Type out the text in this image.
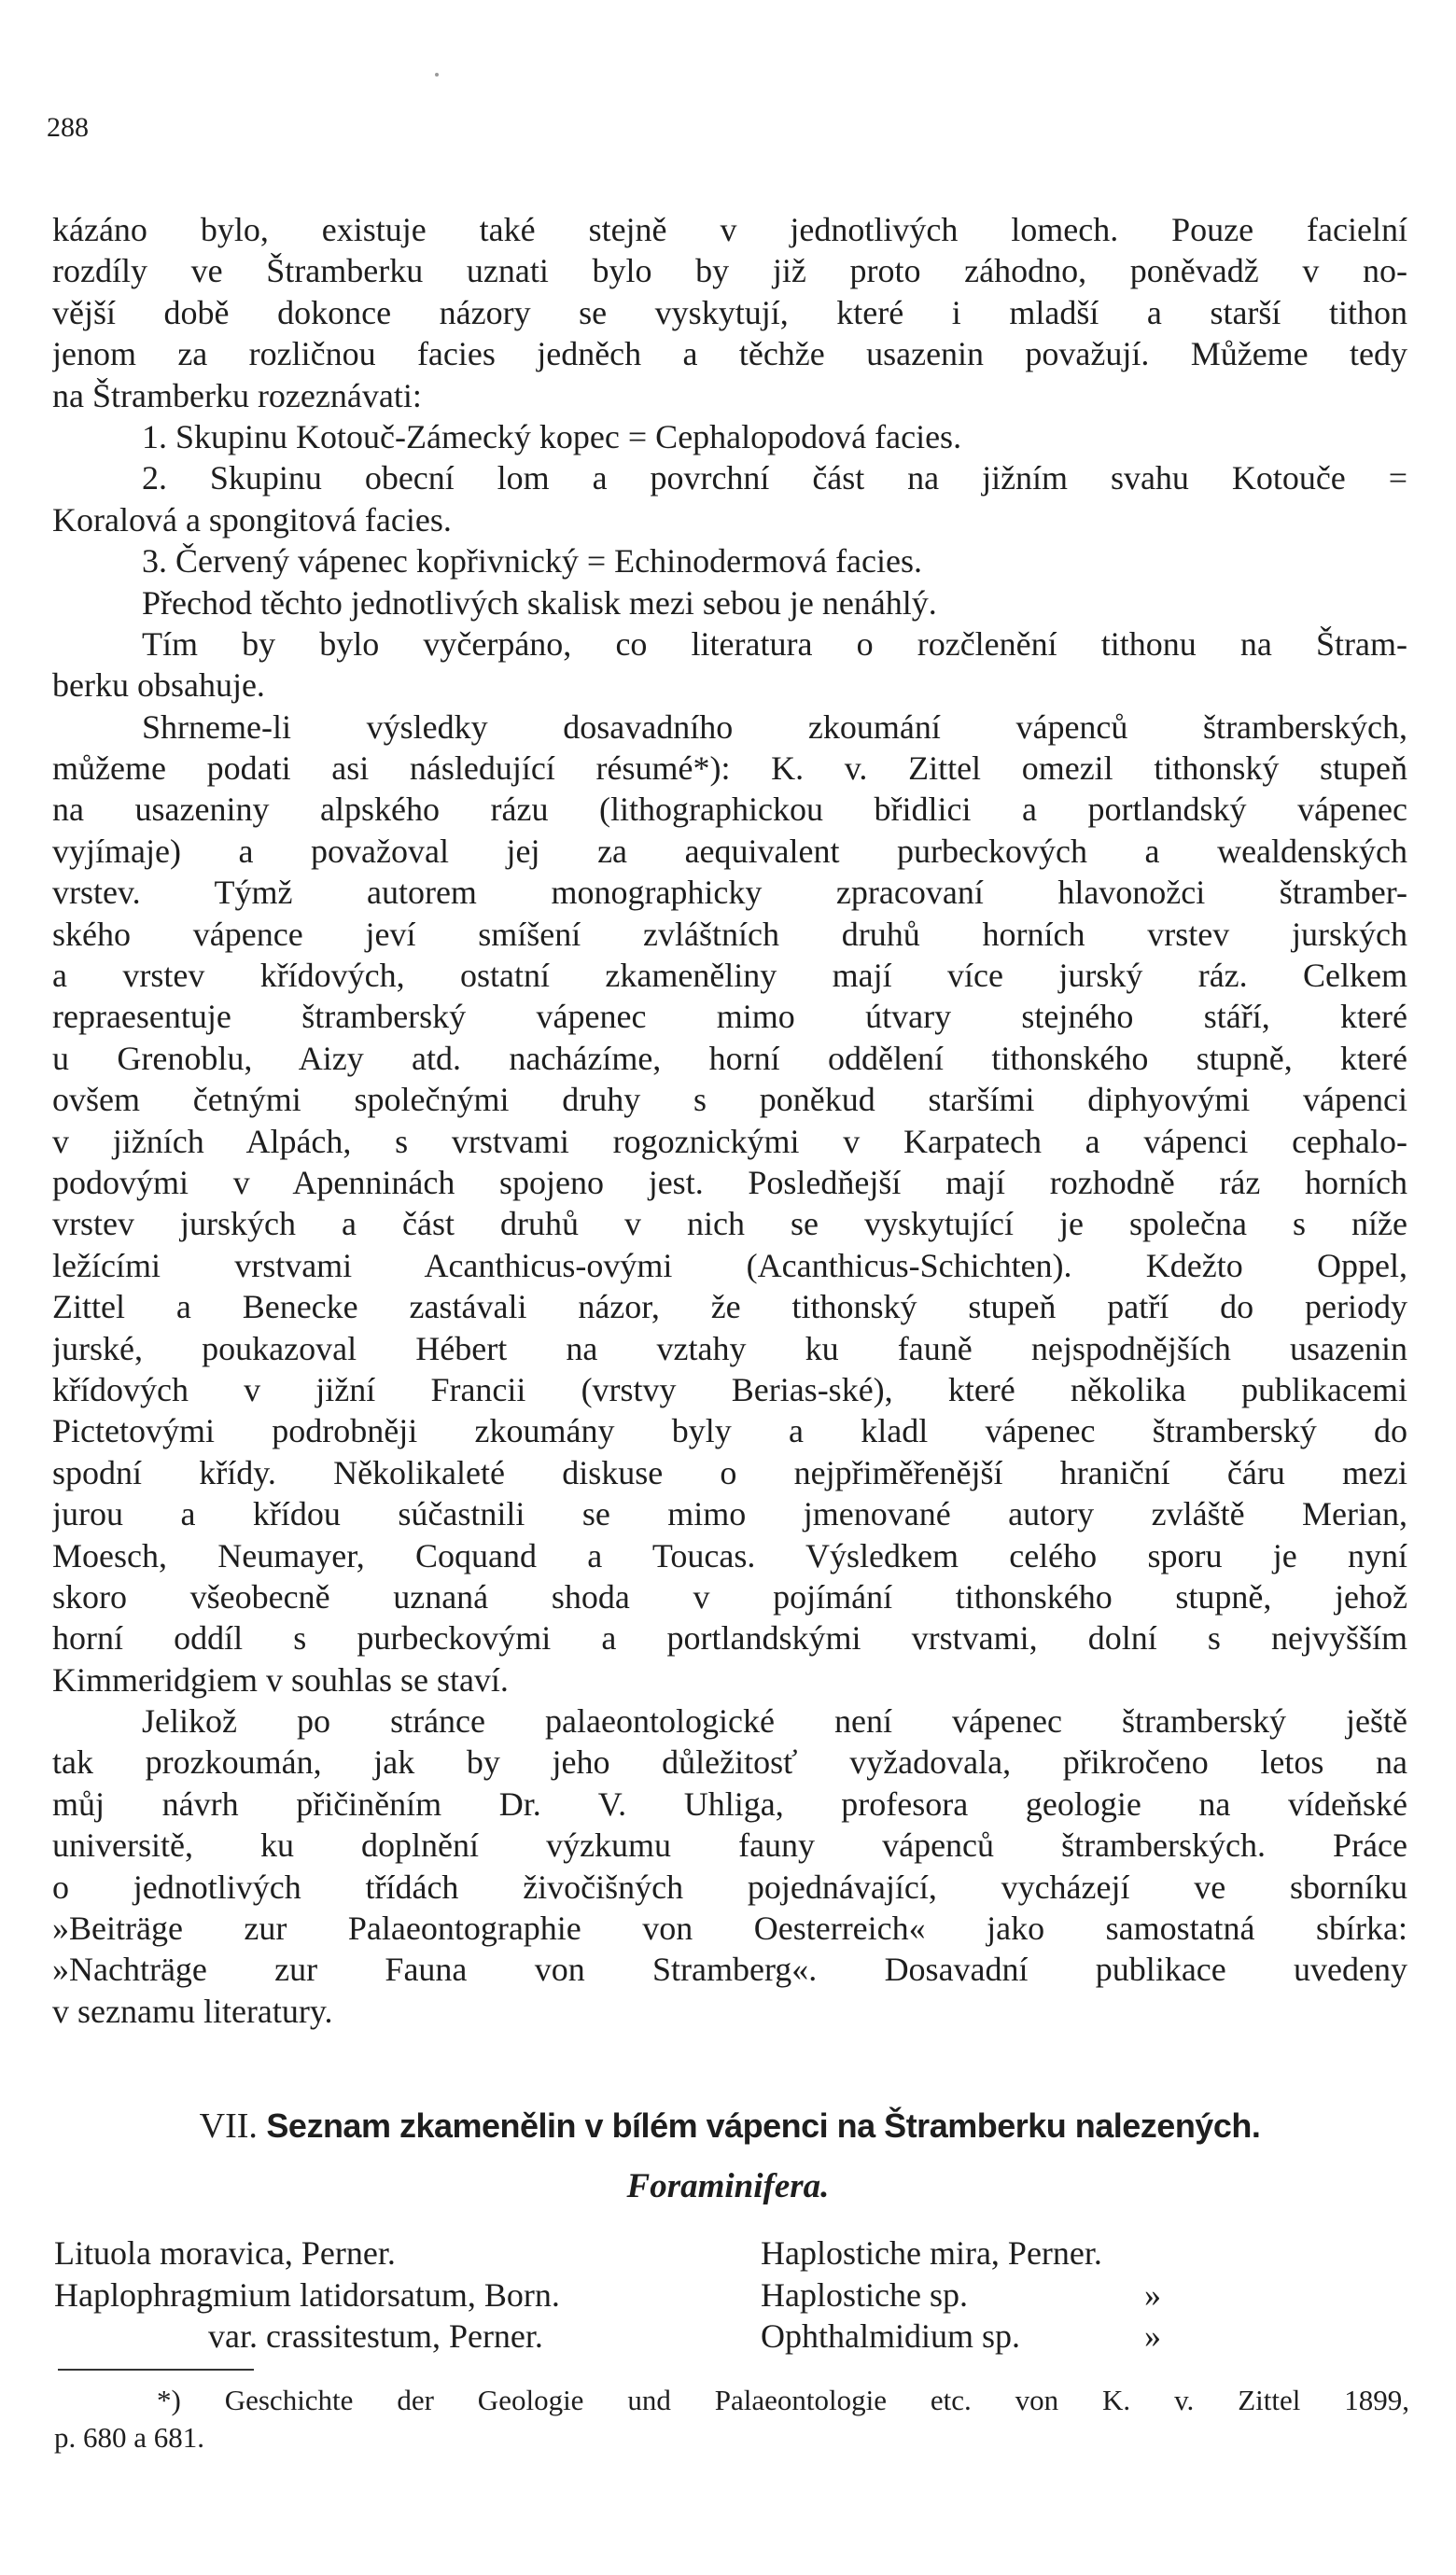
288
kázáno bylo, existuje také stejně v jednotlivých lomech. Pouze facielní
rozdíly ve Štramberku uznati bylo by již proto záhodno, poněvadž v no-
vější době dokonce názory se vyskytují, které i mladší a starší tithon
jenom za rozličnou facies jedněch a těchže usazenin považují. Můžeme tedy
na Štramberku rozeznávati:
1. Skupinu Kotouč-Zámecký kopec = Cephalopodová facies.
2. Skupinu obecní lom a povrchní část na jižním svahu Kotouče =
Koralová a spongitová facies.
3. Červený vápenec kopřivnický = Echinodermová facies.
Přechod těchto jednotlivých skalisk mezi sebou je nenáhlý.
Tím by bylo vyčerpáno, co literatura o rozčlenění tithonu na Štram-
berku obsahuje.
Shrneme-li výsledky dosavadního zkoumání vápenců štramberských,
můžeme podati asi následující résumé*): K. v. Zittel omezil tithonský stupeň
na usazeniny alpského rázu (lithographickou břidlici a portlandský vápenec
vyjímaje) a považoval jej za aequivalent purbeckových a wealdenských
vrstev. Týmž autorem monographicky zpracovaní hlavonožci štramber-
ského vápence jeví smíšení zvláštních druhů horních vrstev jurských
a vrstev křídových, ostatní zkameněliny mají více jurský ráz. Celkem
repraesentuje štramberský vápenec mimo útvary stejného stáří, které
u Grenoblu, Aizy atd. nacházíme, horní oddělení tithonského stupně, které
ovšem četnými společnými druhy s poněkud staršími diphyovými vápenci
v jižních Alpách, s vrstvami rogoznickými v Karpatech a vápenci cephalo-
podovými v Apenninách spojeno jest. Posledňejší mají rozhodně ráz horních
vrstev jurských a část druhů v nich se vyskytující je společna s níže
ležícími vrstvami Acanthicus-ovými (Acanthicus-Schichten). Kdežto Oppel,
Zittel a Benecke zastávali názor, že tithonský stupeň patří do periody
jurské, poukazoval Hébert na vztahy ku fauně nejspodnějších usazenin
křídových v jižní Francii (vrstvy Berias-ské), které několika publikacemi
Pictetovými podrobněji zkoumány byly a kladl vápenec štramberský do
spodní křídy. Několikaleté diskuse o nejpřiměřenější hraniční čáru mezi
jurou a křídou súčastnili se mimo jmenované autory zvláště Merian,
Moesch, Neumayer, Coquand a Toucas. Výsledkem celého sporu je nyní
skoro všeobecně uznaná shoda v pojímání tithonského stupně, jehož
horní oddíl s purbeckovými a portlandskými vrstvami, dolní s nejvyšším
Kimmeridgiem v souhlas se staví.
Jelikož po stránce palaeontologické není vápenec štramberský ještě
tak prozkoumán, jak by jeho důležitosť vyžadovala, přikročeno letos na
můj návrh přičiněním Dr. V. Uhliga, profesora geologie na vídeňské
universitě, ku doplnění výzkumu fauny vápenců štramberských. Práce
o jednotlivých třídách živočišných pojednávající, vycházejí ve sborníku
»Beiträge zur Palaeontographie von Oesterreich« jako samostatná sbírka:
»Nachträge zur Fauna von Stramberg«. Dosavadní publikace uvedeny
v seznamu literatury.
VII. Seznam zkamenělin v bílém vápenci na Štramberku nalezených.
Foraminifera.
Lituola moravica, Perner.
Haplophragmium latidorsatum, Born.
var. crassitestum, Perner.
Haplostiche mira, Perner.
Haplostiche sp.	»
Ophthalmidium sp.	»
*) Geschichte der Geologie und Palaeontologie etc. von K. v. Zittel 1899,
p. 680 a 681.
